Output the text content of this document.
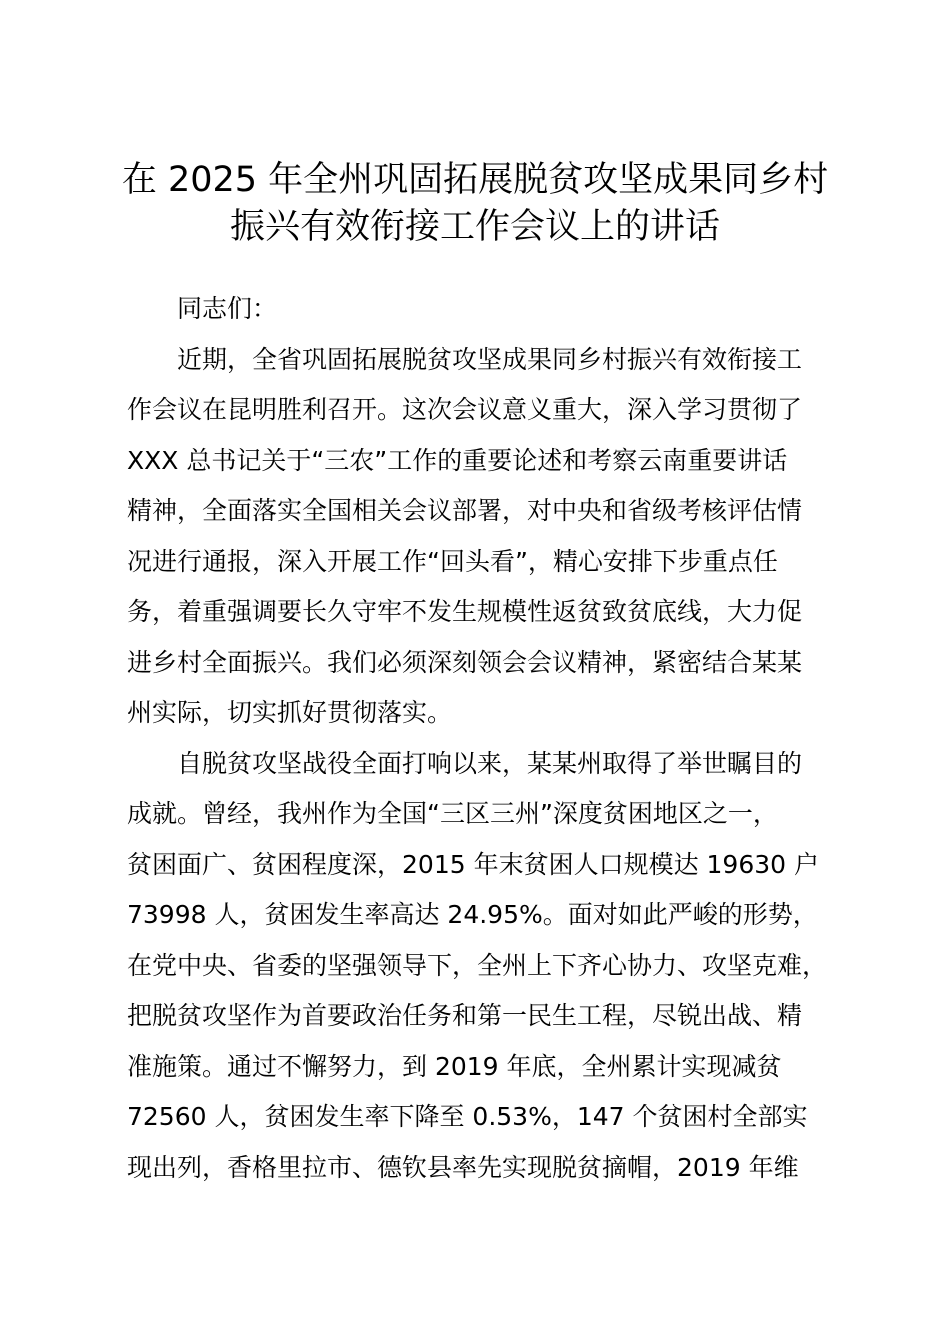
在 2025 年全州巩固拓展脱贫攻坚成果同乡村
振兴有效衔接工作会议上的讲话

同志们：

近期，全省巩固拓展脱贫攻坚成果同乡村振兴有效衔接工
作会议在昆明胜利召开。这次会议意义重大，深入学习贯彻了
XXX 总书记关于“三农”工作的重要论述和考察云南重要讲话
精神，全面落实全国相关会议部署，对中央和省级考核评估情
况进行通报，深入开展工作“回头看”，精心安排下步重点任
务，着重强调要长久守牢不发生规模性返贫致贫底线，大力促
进乡村全面振兴。我们必须深刻领会会议精神，紧密结合某某
州实际，切实抓好贯彻落实。

自脱贫攻坚战役全面打响以来，某某州取得了举世瞩目的
成就。曾经，我州作为全国“三区三州”深度贫困地区之一，
贫困面广、贫困程度深，2015 年末贫困人口规模达 19630 户
73998 人，贫困发生率高达 24.95%。面对如此严峻的形势，
在党中央、省委的坚强领导下，全州上下齐心协力、攻坚克难，
把脱贫攻坚作为首要政治任务和第一民生工程，尽锐出战、精
准施策。通过不懈努力，到 2019 年底，全州累计实现减贫
72560 人，贫困发生率下降至 0.53%，147 个贫困村全部实
现出列，香格里拉市、德钦县率先实现脱贫摘帽，2019 年维
